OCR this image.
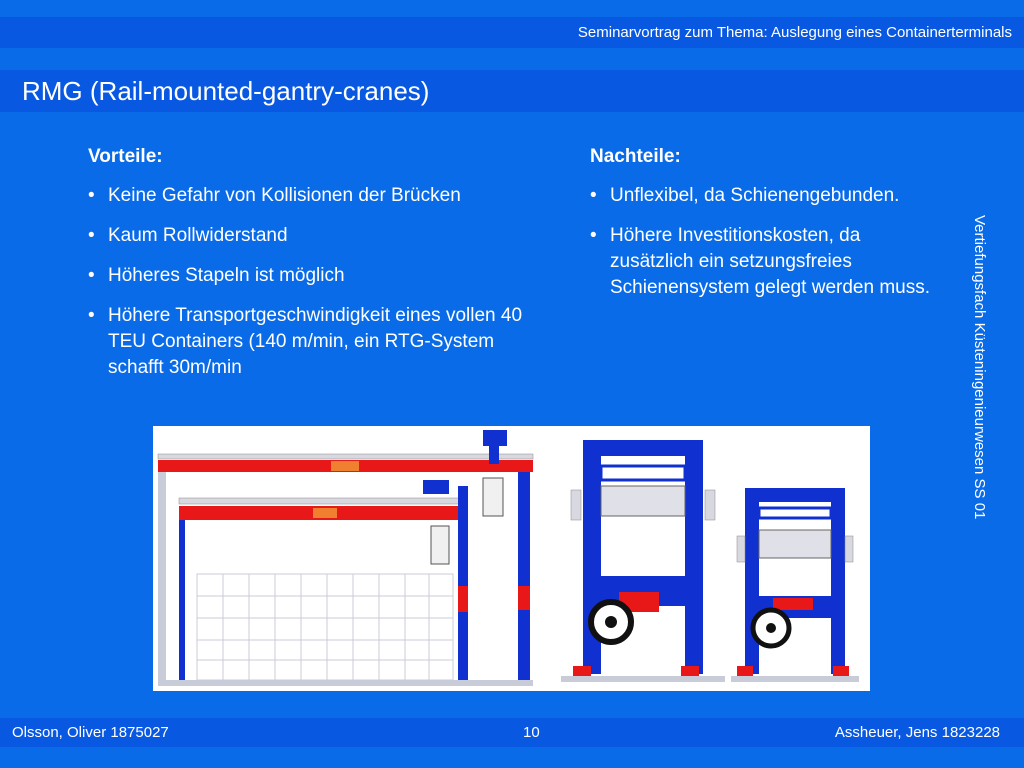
Seminarvortrag zum Thema: Auslegung eines Containerterminals
RMG (Rail-mounted-gantry-cranes)
Vorteile:
• Keine Gefahr von Kollisionen der Brücken
• Kaum Rollwiderstand
• Höheres Stapeln ist möglich
• Höhere Transportgeschwindigkeit eines vollen 40 TEU Containers (140 m/min, ein RTG-System schafft 30m/min
Nachteile:
• Unflexibel, da Schienengebunden.
• Höhere Investitionskosten, da zusätzlich ein setzungsfreies Schienensystem gelegt werden muss.	Vertiefungsfach Küsteningenieurwesen SS 01
Olsson, Oliver 1875027	10	Assheuer, Jens 1823228
